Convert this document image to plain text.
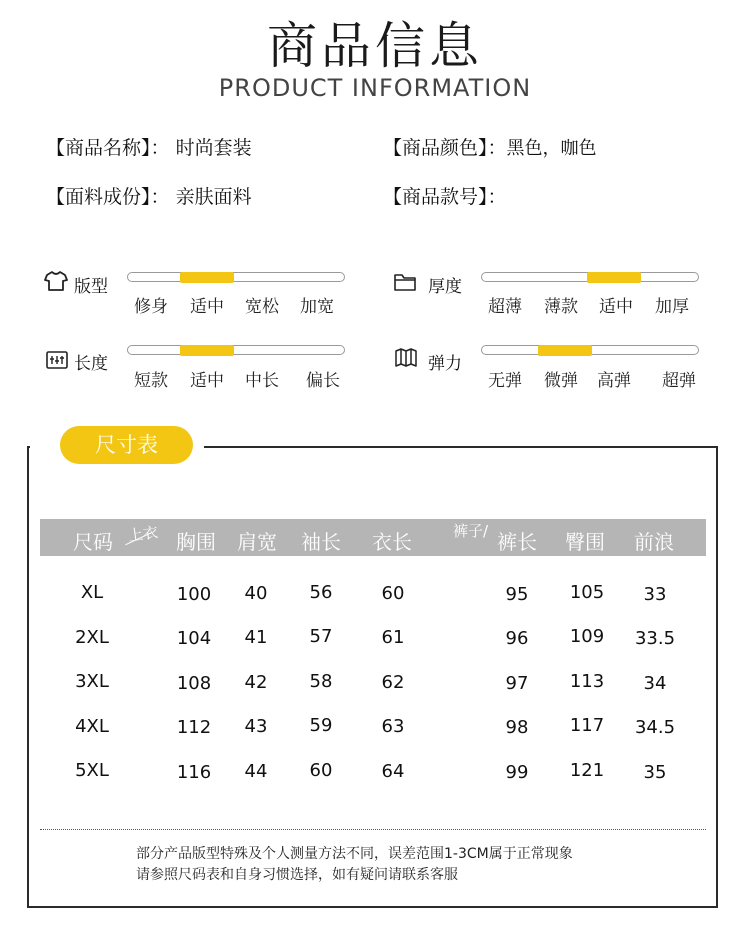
商品信息
PRODUCT INFORMATION
【商品名称】： 时尚套装	【商品颜色】：黑色，咖色
【面料成份】： 亲肤面料	【商品款号】：
版型
修身 适中 宽松 加宽
厚度
超薄 薄款 适中 加厚
长度
短款 适中 中长 偏长
弹力
无弹 微弹 高弹 超弹
尺寸表
尺码 上衣 胸围 肩宽 袖长 衣长	裤子/ 裤长 臀围 前浪
XL	100	40	56	60	95	105	33
2XL	104	41	57	61	96	109	33.5
3XL	108	42	58	62	97	113	34
4XL	112	43	59	63	98	117	34.5
5XL	116	44	60	64	99	121	35
部分产品版型特殊及个人测量方法不同，误差范围1-3CM属于正常现象
请参照尺码表和自身习惯选择，如有疑问请联系客服
